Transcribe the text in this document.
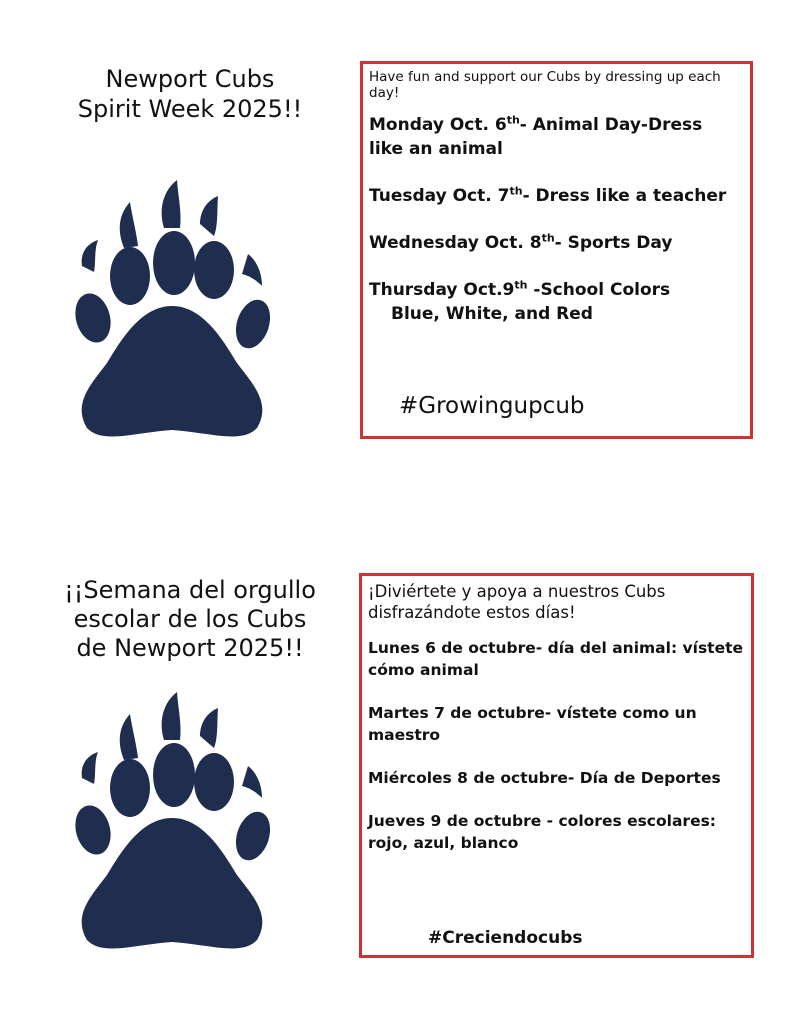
Newport Cubs
Spirit Week 2025!!

Have fun and support our Cubs by dressing up each day!

Monday Oct. 6th- Animal Day-Dress like an animal

Tuesday Oct. 7th- Dress like a teacher

Wednesday Oct. 8th- Sports Day

Thursday Oct.9th -School Colors
Blue, White, and Red

#Growingupcub
¡¡Semana del orgullo
escolar de los Cubs
de Newport 2025!!

¡Diviértete y apoya a nuestros Cubs disfrazándote estos días!

Lunes 6 de octubre- día del animal: vístete cómo animal

Martes 7 de octubre- vístete como un maestro

Miércoles 8 de octubre- Día de Deportes

Jueves 9 de octubre - colores escolares: rojo, azul, blanco

#Creciendocubs
